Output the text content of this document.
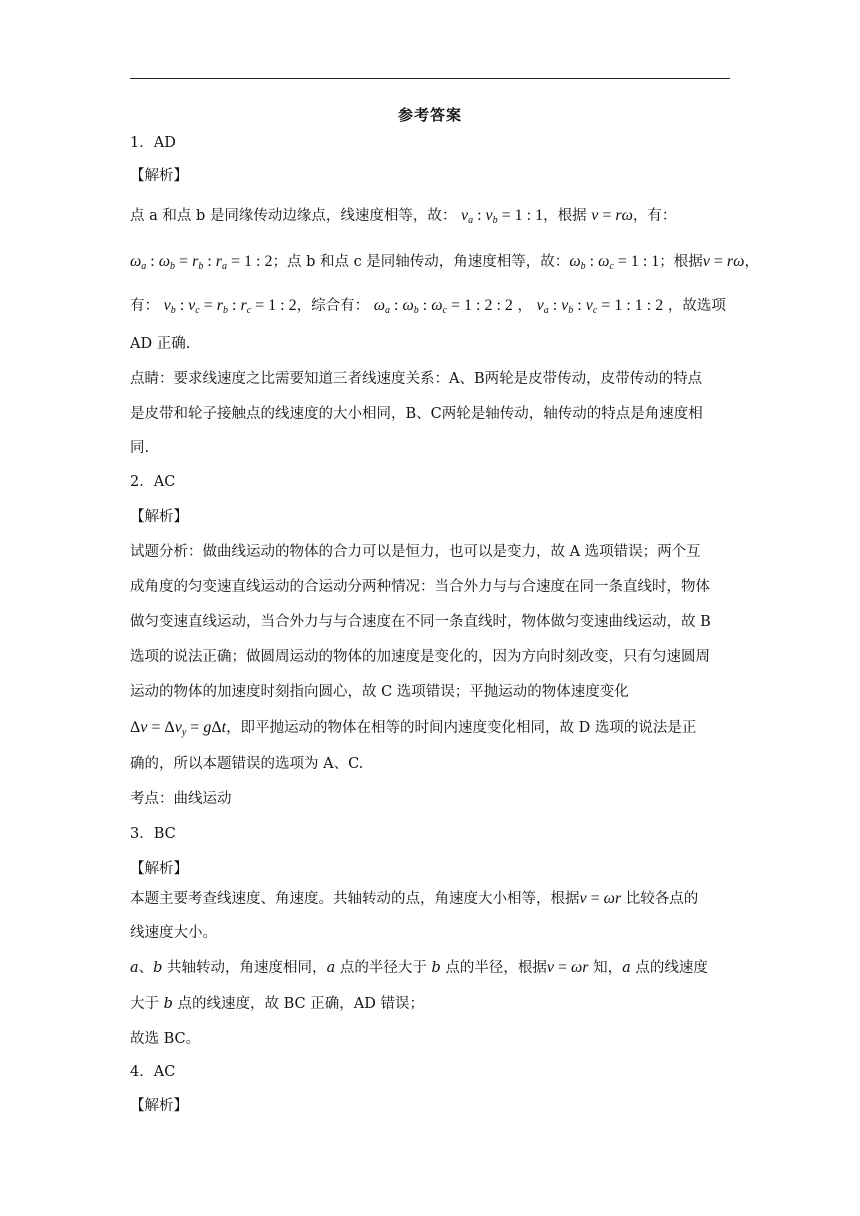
参考答案
1．AD
【解析】
点 a 和点 b 是同缘传动边缘点，线速度相等，故： $v_a$ : $v_b = 1$ : 1，根据 v = rω，有：
$\omega_a$ : $\omega_b = r_b$ : $r_a = 1$ : 2；点 b 和点 c 是同轴传动，角速度相等，故：$\omega_b$ : $\omega_c = 1$ : 1；根据v = rω，
有： $v_b$ : $v_c = r_b$ : $r_c = 1$ : 2，综合有： $\omega_a$ : $\omega_b$ : $\omega_c = 1$ : 2 : 2 ， $v_a$ : $v_b$ : $v_c = 1$ : 1 : 2 ，故选项
AD 正确.
点睛：要求线速度之比需要知道三者线速度关系：A、B两轮是皮带传动，皮带传动的特点
是皮带和轮子接触点的线速度的大小相同，B、C两轮是轴传动，轴传动的特点是角速度相
同.
2．AC
【解析】
试题分析：做曲线运动的物体的合力可以是恒力，也可以是变力，故 A 选项错误；两个互
成角度的匀变速直线运动的合运动分两种情况：当合外力与与合速度在同一条直线时，物体
做匀变速直线运动，当合外力与与合速度在不同一条直线时，物体做匀变速曲线运动，故 B
选项的说法正确；做圆周运动的物体的加速度是变化的，因为方向时刻改变，只有匀速圆周
运动的物体的加速度时刻指向圆心，故 C 选项错误；平抛运动的物体速度变化
$\Delta v = \Delta v_y = g\Delta t$，即平抛运动的物体在相等的时间内速度变化相同，故 D 选项的说法是正
确的，所以本题错误的选项为 A、C.
考点：曲线运动
3．BC
【解析】
本题主要考查线速度、角速度。共轴转动的点，角速度大小相等，根据v = ωr 比较各点的
线速度大小。
a、b 共轴转动，角速度相同，a 点的半径大于 b 点的半径，根据v = ωr 知，a 点的线速度
大于 b 点的线速度，故 BC 正确，AD 错误；
故选 BC。
4．AC
【解析】
